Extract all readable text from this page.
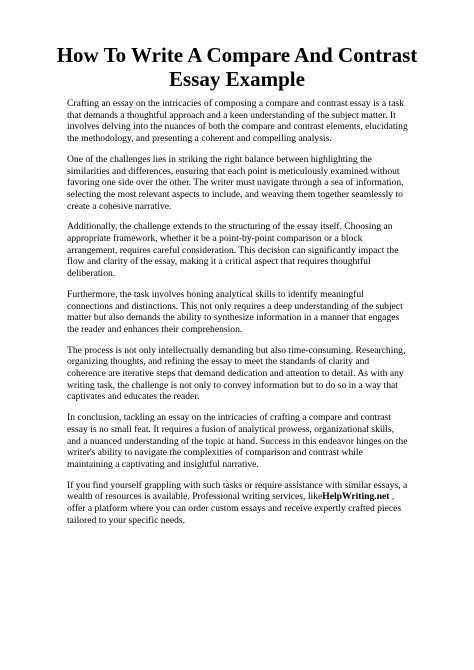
How To Write A Compare And Contrast
Essay Example

Crafting an essay on the intricacies of composing a compare and contrast essay is a task that demands a thoughtful approach and a keen understanding of the subject matter. It involves delving into the nuances of both the compare and contrast elements, elucidating the methodology, and presenting a coherent and compelling analysis.

One of the challenges lies in striking the right balance between highlighting the similarities and differences, ensuring that each point is meticulously examined without favoring one side over the other. The writer must navigate through a sea of information, selecting the most relevant aspects to include, and weaving them together seamlessly to create a cohesive narrative.

Additionally, the challenge extends to the structuring of the essay itself. Choosing an appropriate framework, whether it be a point-by-point comparison or a block arrangement, requires careful consideration. This decision can significantly impact the flow and clarity of the essay, making it a critical aspect that requires thoughtful deliberation.

Furthermore, the task involves honing analytical skills to identify meaningful connections and distinctions. This not only requires a deep understanding of the subject matter but also demands the ability to synthesize information in a manner that engages the reader and enhances their comprehension.

The process is not only intellectually demanding but also time-consuming. Researching, organizing thoughts, and refining the essay to meet the standards of clarity and coherence are iterative steps that demand dedication and attention to detail. As with any writing task, the challenge is not only to convey information but to do so in a way that captivates and educates the reader.

In conclusion, tackling an essay on the intricacies of crafting a compare and contrast essay is no small feat. It requires a fusion of analytical prowess, organizational skills, and a nuanced understanding of the topic at hand. Success in this endeavor hinges on the writer's ability to navigate the complexities of comparison and contrast while maintaining a captivating and insightful narrative.

If you find yourself grappling with such tasks or require assistance with similar essays, a wealth of resources is available. Professional writing services, likeHelpWriting.net , offer a platform where you can order custom essays and receive expertly crafted pieces tailored to your specific needs.
